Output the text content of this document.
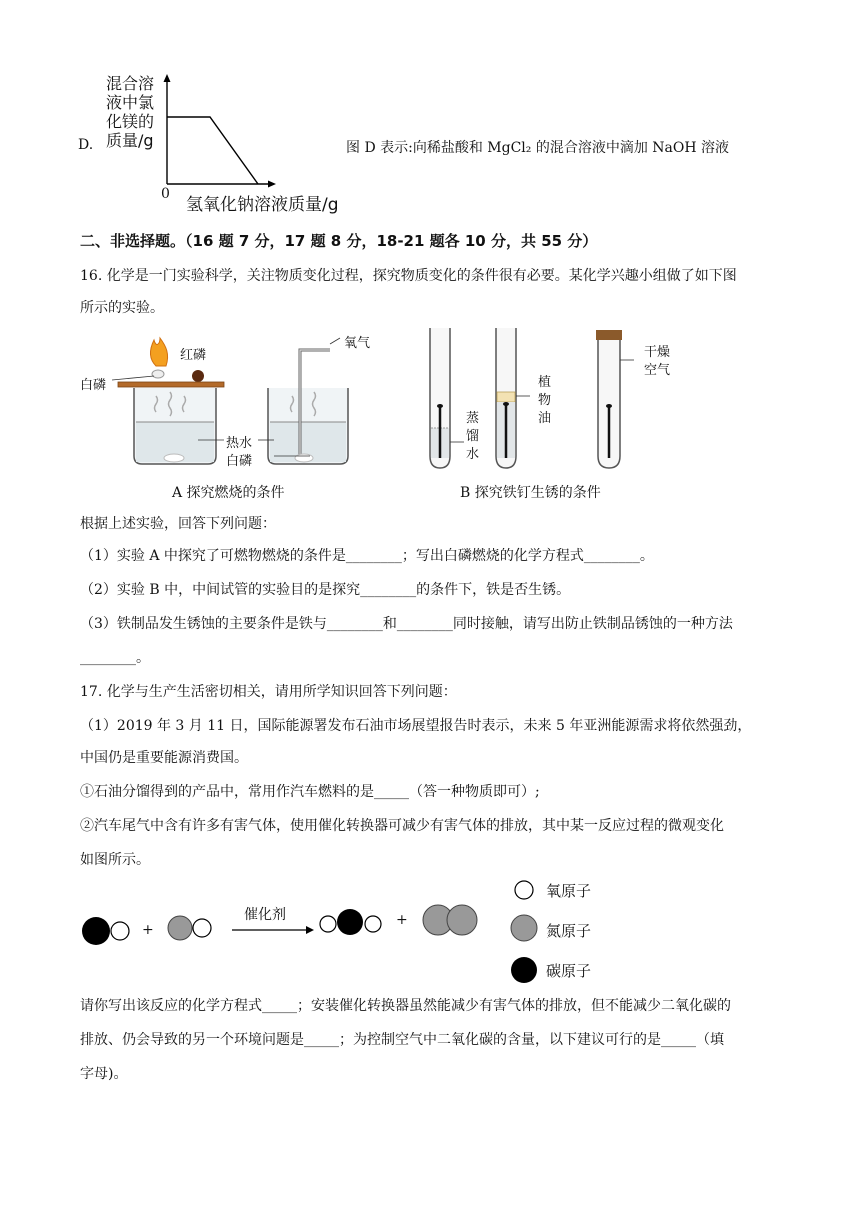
D.
混合溶
液中氯
化镁的
质量/g
0
氢氧化钠溶液质量/g
图 D 表示:向稀盐酸和 MgCl₂ 的混合溶液中滴加 NaOH 溶液
二、非选择题。（16 题 7 分，17 题 8 分，18-21 题各 10 分，共 55 分）
16. 化学是一门实验科学，关注物质变化过程，探究物质变化的条件很有必要。某化学兴趣小组做了如下图
所示的实验。
红磷
白磷
氧气
热水
白磷
A 探究燃烧的条件
植
物
油
蒸
馏
水
干燥
空气
B 探究铁钉生锈的条件
根据上述实验，回答下列问题：
（1）实验 A 中探究了可燃物燃烧的条件是________；写出白磷燃烧的化学方程式________。
（2）实验 B 中，中间试管的实验目的是探究________的条件下，铁是否生锈。
（3）铁制品发生锈蚀的主要条件是铁与________和________同时接触，请写出防止铁制品锈蚀的一种方法
________。
17. 化学与生产生活密切相关，请用所学知识回答下列问题：
（1）2019 年 3 月 11 日，国际能源署发布石油市场展望报告时表示，未来 5 年亚洲能源需求将依然强劲，
中国仍是重要能源消费国。
①石油分馏得到的产品中，常用作汽车燃料的是_____（答一种物质即可）;
②汽车尾气中含有许多有害气体，使用催化转换器可减少有害气体的排放，其中某一反应过程的微观变化
如图所示。
+
+
催化剂
氧原子
氮原子
碳原子
请你写出该反应的化学方程式_____；安装催化转换器虽然能减少有害气体的排放，但不能减少二氧化碳的
排放、仍会导致的另一个环境问题是_____；为控制空气中二氧化碳的含量，以下建议可行的是_____（填
字母)。
